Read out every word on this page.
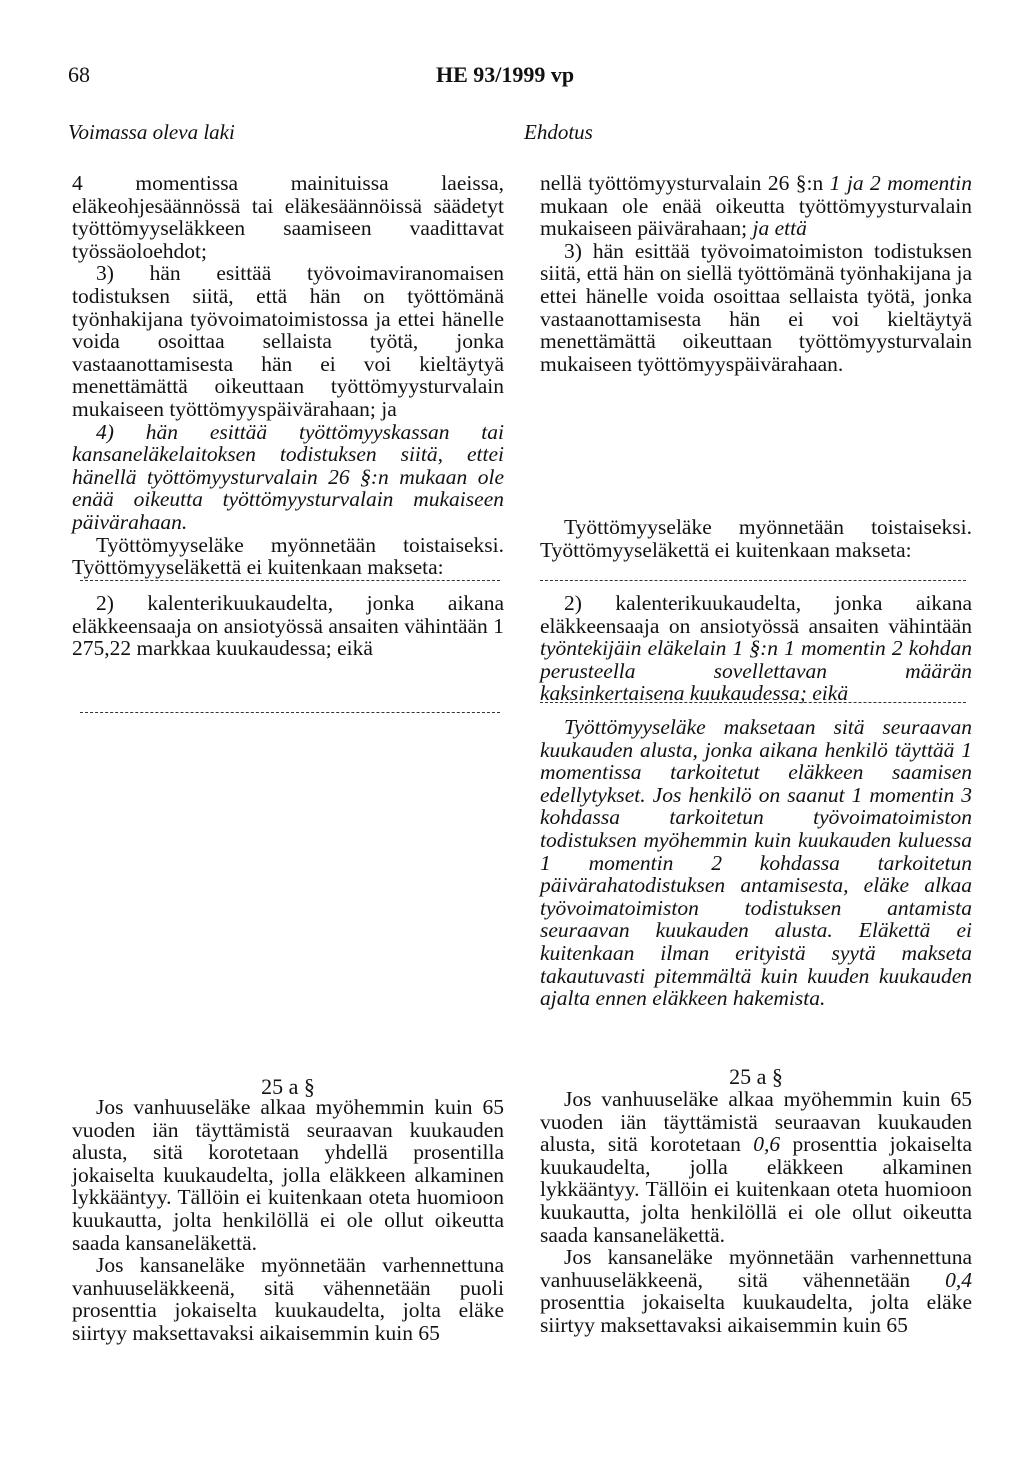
68	HE 93/1999 vp
Voimassa oleva laki	Ehdotus

4 momentissa mainituissa laeissa, eläkeohjesäännössä tai eläkesäännöissä säädetyt työttömyyseläkkeen saamiseen vaadittavat työssäoloehdot;

3) hän esittää työvoimaviranomaisen todistuksen siitä, että hän on työttömänä työnhakijana työvoimatoimistossa ja ettei hänelle voida osoittaa sellaista työtä, jonka vastaanottamisesta hän ei voi kieltäytyä menettämättä oikeuttaan työttömyysturvalain mukaiseen työttömyyspäivärahaan; ja

4) hän esittää työttömyyskassan tai kansaneläkelaitoksen todistuksen siitä, ettei hänellä työttömyysturvalain 26 §:n mukaan ole enää oikeutta työttömyysturvalain mukaiseen päivärahaan.

Työttömyyseläke myönnetään toistaiseksi. Työttömyyseläkettä ei kuitenkaan makseta:

2) kalenterikuukaudelta, jonka aikana eläkkeensaaja on ansiotyössä ansaiten vähintään 1 275,22 markkaa kuukaudessa; eikä

25 a §

Jos vanhuuseläke alkaa myöhemmin kuin 65 vuoden iän täyttämistä seuraavan kuukauden alusta, sitä korotetaan yhdellä prosentilla jokaiselta kuukaudelta, jolla eläkkeen alkaminen lykkääntyy. Tällöin ei kuitenkaan oteta huomioon kuukautta, jolta henkilöllä ei ole ollut oikeutta saada kansaneläkettä.

Jos kansaneläke myönnetään varhennettuna vanhuuseläkkeenä, sitä vähennetään puoli prosenttia jokaiselta kuukaudelta, jolta eläke siirtyy maksettavaksi aikaisemmin kuin 65

nellä työttömyysturvalain 26 §:n 1 ja 2 momentin mukaan ole enää oikeutta työttömyysturvalain mukaiseen päivärahaan; ja että

3) hän esittää työvoimatoimiston todistuksen siitä, että hän on siellä työttömänä työnhakijana ja ettei hänelle voida osoittaa sellaista työtä, jonka vastaanottamisesta hän ei voi kieltäytyä menettämättä oikeuttaan työttömyysturvalain mukaiseen työttömyyspäivärahaan.

Työttömyyseläke myönnetään toistaiseksi. Työttömyyseläkettä ei kuitenkaan makseta:

2) kalenterikuukaudelta, jonka aikana eläkkeensaaja on ansiotyössä ansaiten vähintään työntekijäin eläkelain 1 §:n 1 momentin 2 kohdan perusteella sovellettavan määrän kaksinkertaisena kuukaudessa; eikä

Työttömyyseläke maksetaan sitä seuraavan kuukauden alusta, jonka aikana henkilö täyttää 1 momentissa tarkoitetut eläkkeen saamisen edellytykset. Jos henkilö on saanut 1 momentin 3 kohdassa tarkoitetun työvoimatoimiston todistuksen myöhemmin kuin kuukauden kuluessa 1 momentin 2 kohdassa tarkoitetun päivärahatodistuksen antamisesta, eläke alkaa työvoimatoimiston todistuksen antamista seuraavan kuukauden alusta. Eläkettä ei kuitenkaan ilman erityistä syytä makseta takautuvasti pitemmältä kuin kuuden kuukauden ajalta ennen eläkkeen hakemista.

25 a §

Jos vanhuuseläke alkaa myöhemmin kuin 65 vuoden iän täyttämistä seuraavan kuukauden alusta, sitä korotetaan 0,6 prosenttia jokaiselta kuukaudelta, jolla eläkkeen alkaminen lykkääntyy. Tällöin ei kuitenkaan oteta huomioon kuukautta, jolta henkilöllä ei ole ollut oikeutta saada kansaneläkettä.

Jos kansaneläke myönnetään varhennettuna vanhuuseläkkeenä, sitä vähennetään 0,4 prosenttia jokaiselta kuukaudelta, jolta eläke siirtyy maksettavaksi aikaisemmin kuin 65
